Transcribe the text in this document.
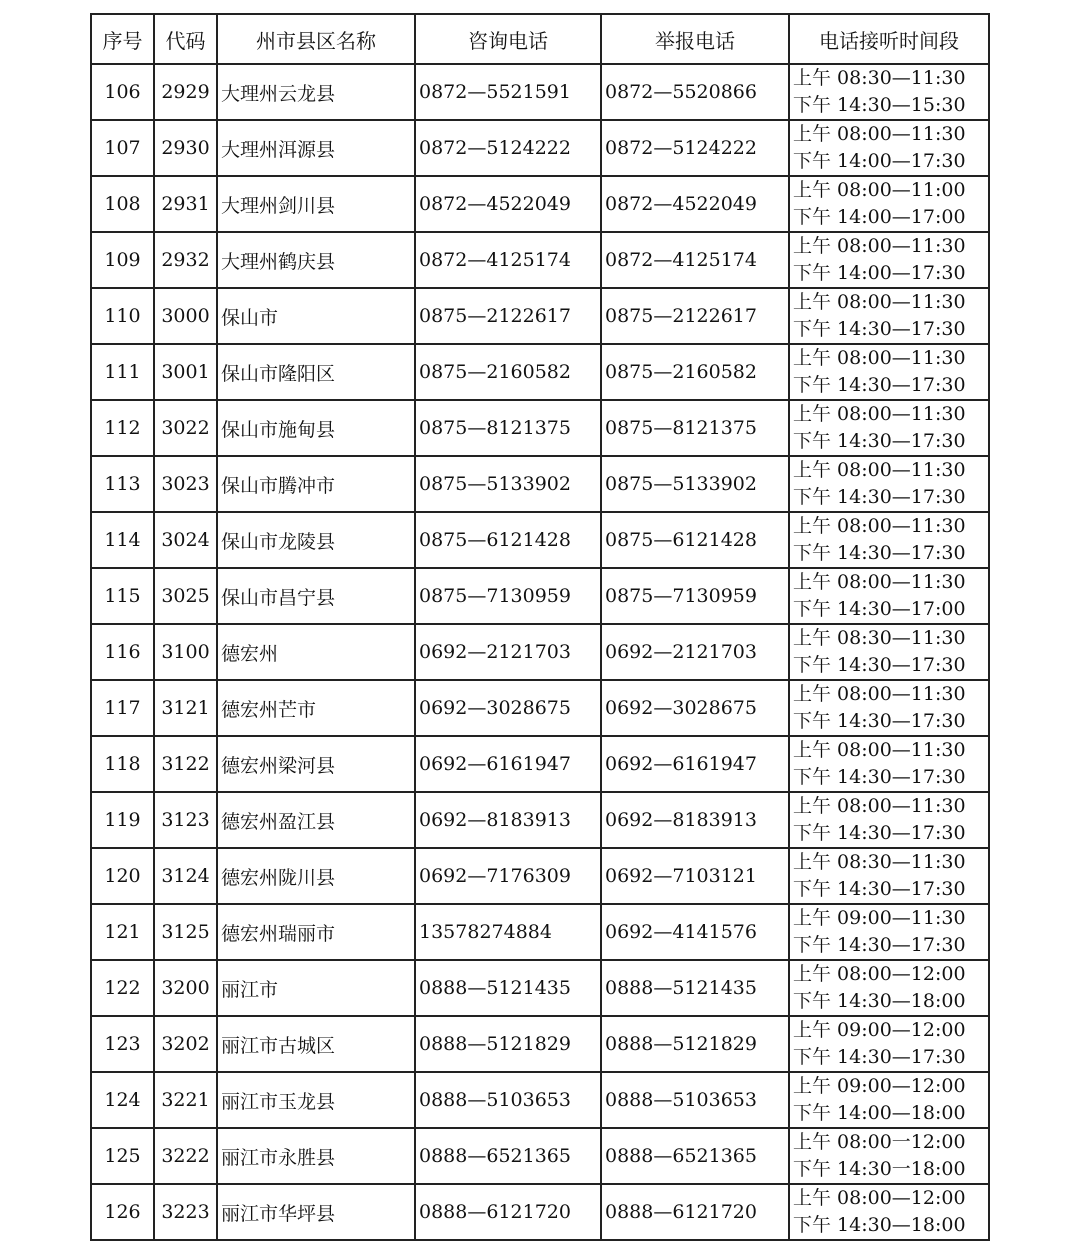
序号	代码	州市县区名称	咨询电话	举报电话	电话接听时间段
106	2929	大理州云龙县	0872—5521591	0872—5520866	上午 08:30—11:30
下午 14:30—15:30

107	2930	大理州洱源县	0872—5124222	0872—5124222	上午 08:00—11:30
下午 14:00—17:30

108	2931	大理州剑川县	0872—4522049	0872—4522049	上午 08:00—11:00
下午 14:00—17:00

109	2932	大理州鹤庆县	0872—4125174	0872—4125174	上午 08:00—11:30
下午 14:00—17:30

110	3000	保山市	0875—2122617	0875—2122617	上午 08:00—11:30
下午 14:30—17:30

111	3001	保山市隆阳区	0875—2160582	0875—2160582	上午 08:00—11:30
下午 14:30—17:30

112	3022	保山市施甸县	0875—8121375	0875—8121375	上午 08:00—11:30
下午 14:30—17:30

113	3023	保山市腾冲市	0875—5133902	0875—5133902	上午 08:00—11:30
下午 14:30—17:30

114	3024	保山市龙陵县	0875—6121428	0875—6121428	上午 08:00—11:30
下午 14:30—17:30

115	3025	保山市昌宁县	0875—7130959	0875—7130959	上午 08:00—11:30
下午 14:30—17:00

116	3100	德宏州	0692—2121703	0692—2121703	上午 08:30—11:30
下午 14:30—17:30

117	3121	德宏州芒市	0692—3028675	0692—3028675	上午 08:00—11:30
下午 14:30—17:30

118	3122	德宏州梁河县	0692—6161947	0692—6161947	上午 08:00—11:30
下午 14:30—17:30

119	3123	德宏州盈江县	0692—8183913	0692—8183913	上午 08:00—11:30
下午 14:30—17:30

120	3124	德宏州陇川县	0692—7176309	0692—7103121	上午 08:30—11:30
下午 14:30—17:30

121	3125	德宏州瑞丽市	13578274884	0692—4141576	上午 09:00—11:30
下午 14:30—17:30

122	3200	丽江市	0888—5121435	0888—5121435	上午 08:00—12:00
下午 14:30—18:00

123	3202	丽江市古城区	0888—5121829	0888—5121829	上午 09:00—12:00
下午 14:30—17:30

124	3221	丽江市玉龙县	0888—5103653	0888—5103653	上午 09:00—12:00
下午 14:00—18:00

125	3222	丽江市永胜县	0888—6521365	0888—6521365	上午 08:00一12:00
下午 14:30一18:00

126	3223	丽江市华坪县	0888—6121720	0888—6121720	上午 08:00—12:00
下午 14:30—18:00
